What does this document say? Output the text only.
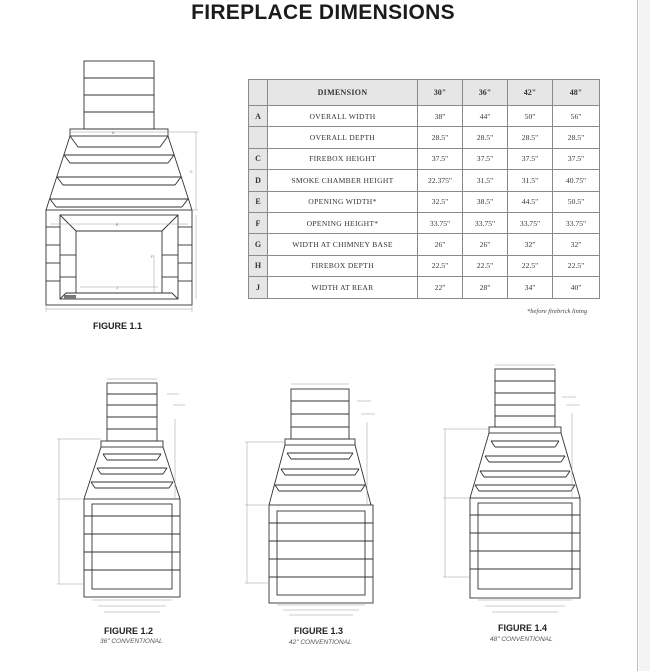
FIREPLACE DIMENSIONS
	DIMENSION	30"	36"	42"	48"
A	OVERALL WIDTH	38"	44"	50"	56"
	OVERALL DEPTH	28.5"	28.5"	28.5"	28.5"
C	FIREBOX HEIGHT	37.5"	37.5"	37.5"	37.5"
D	SMOKE CHAMBER HEIGHT	22.375"	31.5"	31.5"	40.75"
E	OPENING WIDTH*	32.5"	38.5"	44.5"	50.5"
F	OPENING HEIGHT*	33.75"	33.75"	33.75"	33.75"
G	WIDTH AT CHIMNEY BASE	26"	26"	32"	32"
H	FIREBOX DEPTH	22.5"	22.5"	22.5"	22.5"
J	WIDTH AT REAR	22"	28"	34"	40"
*before firebrick lining
A
C
E
F
J
FIGURE 1.1
FIGURE 1.2
36" CONVENTIONAL
FIGURE 1.3
42" CONVENTIONAL
FIGURE 1.4
48" CONVENTIONAL
